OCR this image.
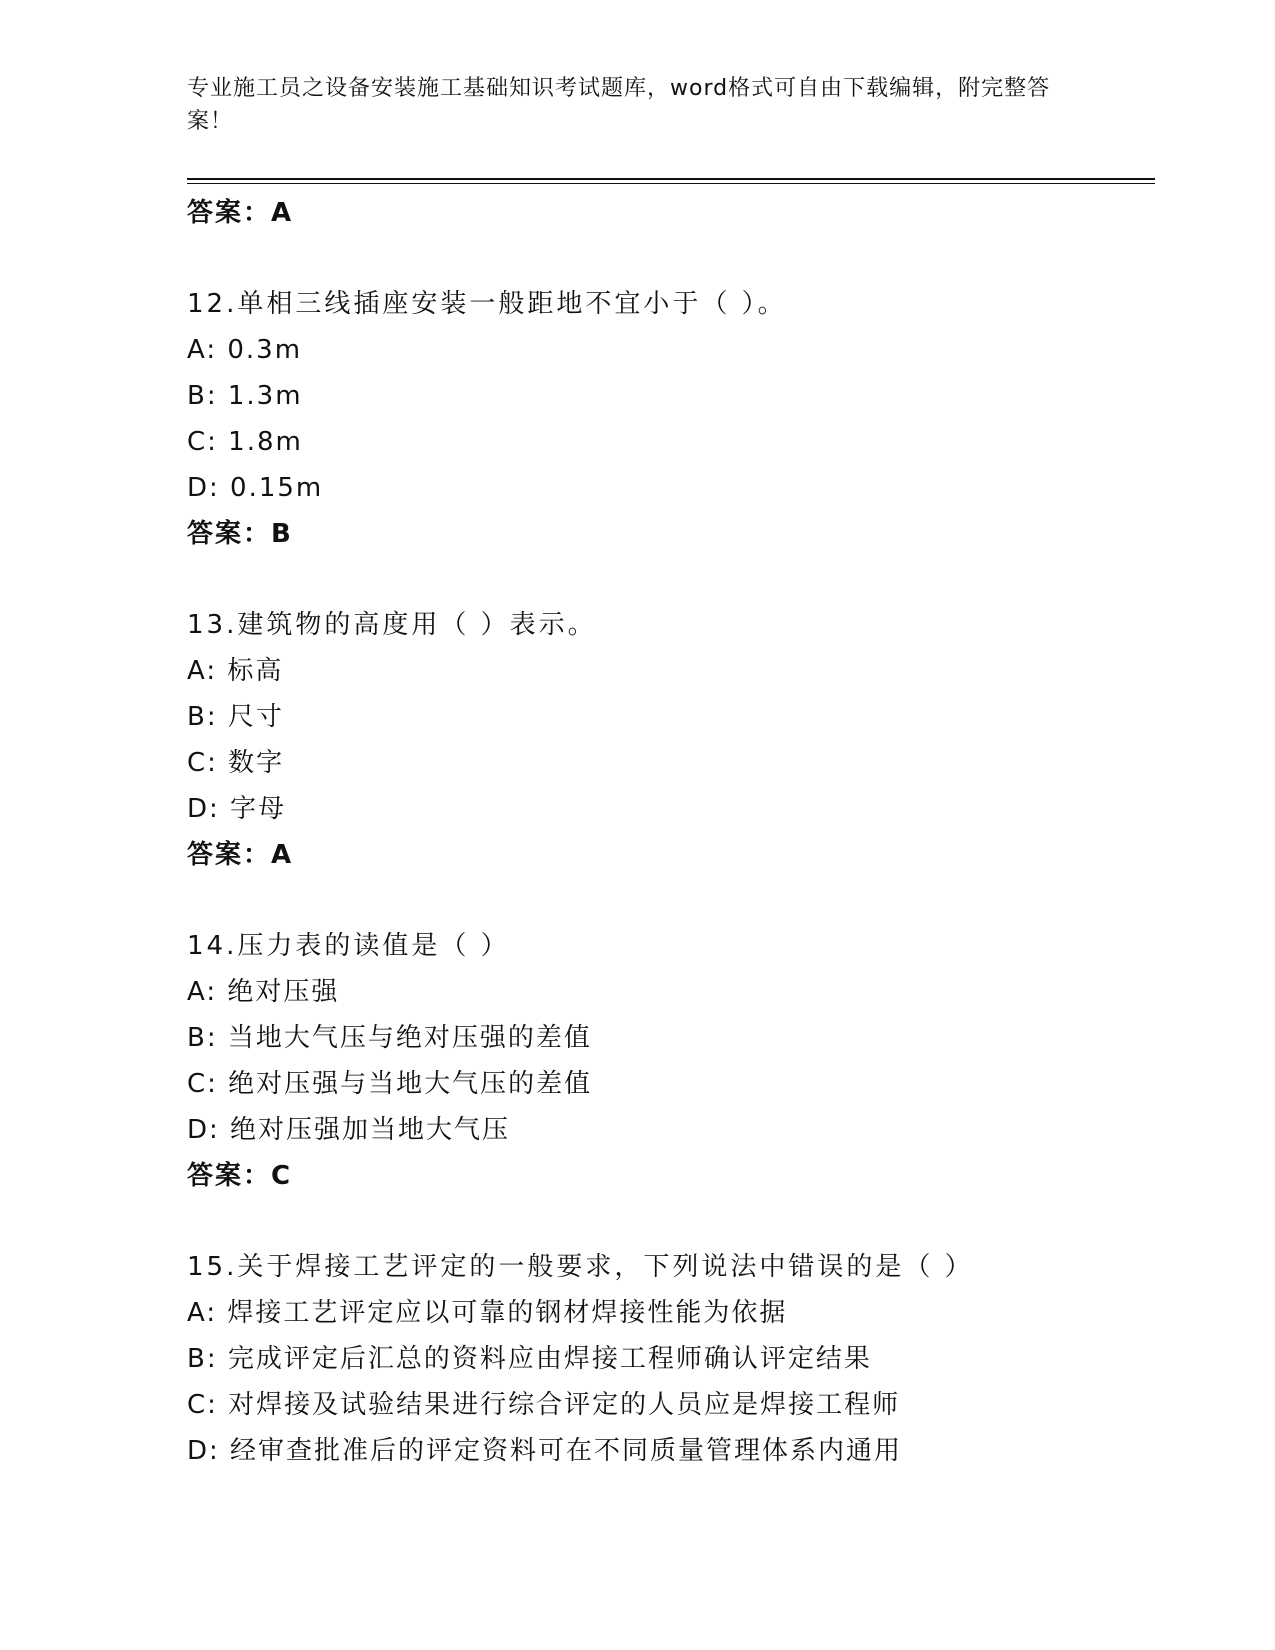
专业施工员之设备安装施工基础知识考试题库，word格式可自由下载编辑，附完整答案！
答案：A
12.单相三线插座安装一般距地不宜小于（ ）。
A: 0.3m
B: 1.3m
C: 1.8m
D: 0.15m
答案：B
13.建筑物的高度用（ ）表示。
A: 标高
B: 尺寸
C: 数字
D: 字母
答案：A
14.压力表的读值是（ ）
A: 绝对压强
B: 当地大气压与绝对压强的差值
C: 绝对压强与当地大气压的差值
D: 绝对压强加当地大气压
答案：C
15.关于焊接工艺评定的一般要求，下列说法中错误的是（ ）
A: 焊接工艺评定应以可靠的钢材焊接性能为依据
B: 完成评定后汇总的资料应由焊接工程师确认评定结果
C: 对焊接及试验结果进行综合评定的人员应是焊接工程师
D: 经审查批准后的评定资料可在不同质量管理体系内通用
